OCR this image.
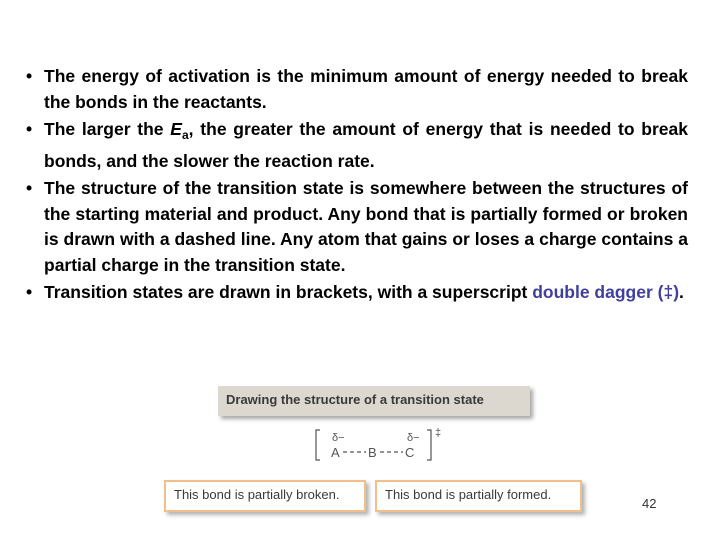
• The energy of activation is the minimum amount of energy needed to break the bonds in the reactants.
• The larger the $E_a$, the greater the amount of energy that is needed to break bonds, and the slower the reaction rate.
• The structure of the transition state is somewhere between the structures of the starting material and product. Any bond that is partially formed or broken is drawn with a dashed line. Any atom that gains or loses a charge contains a partial charge in the transition state.
• Transition states are drawn in brackets, with a superscript double dagger (‡).
Drawing the structure of a transition state
δ−	δ− ‡
A B C
This bond is partially broken.	This bond is partially formed.
42
